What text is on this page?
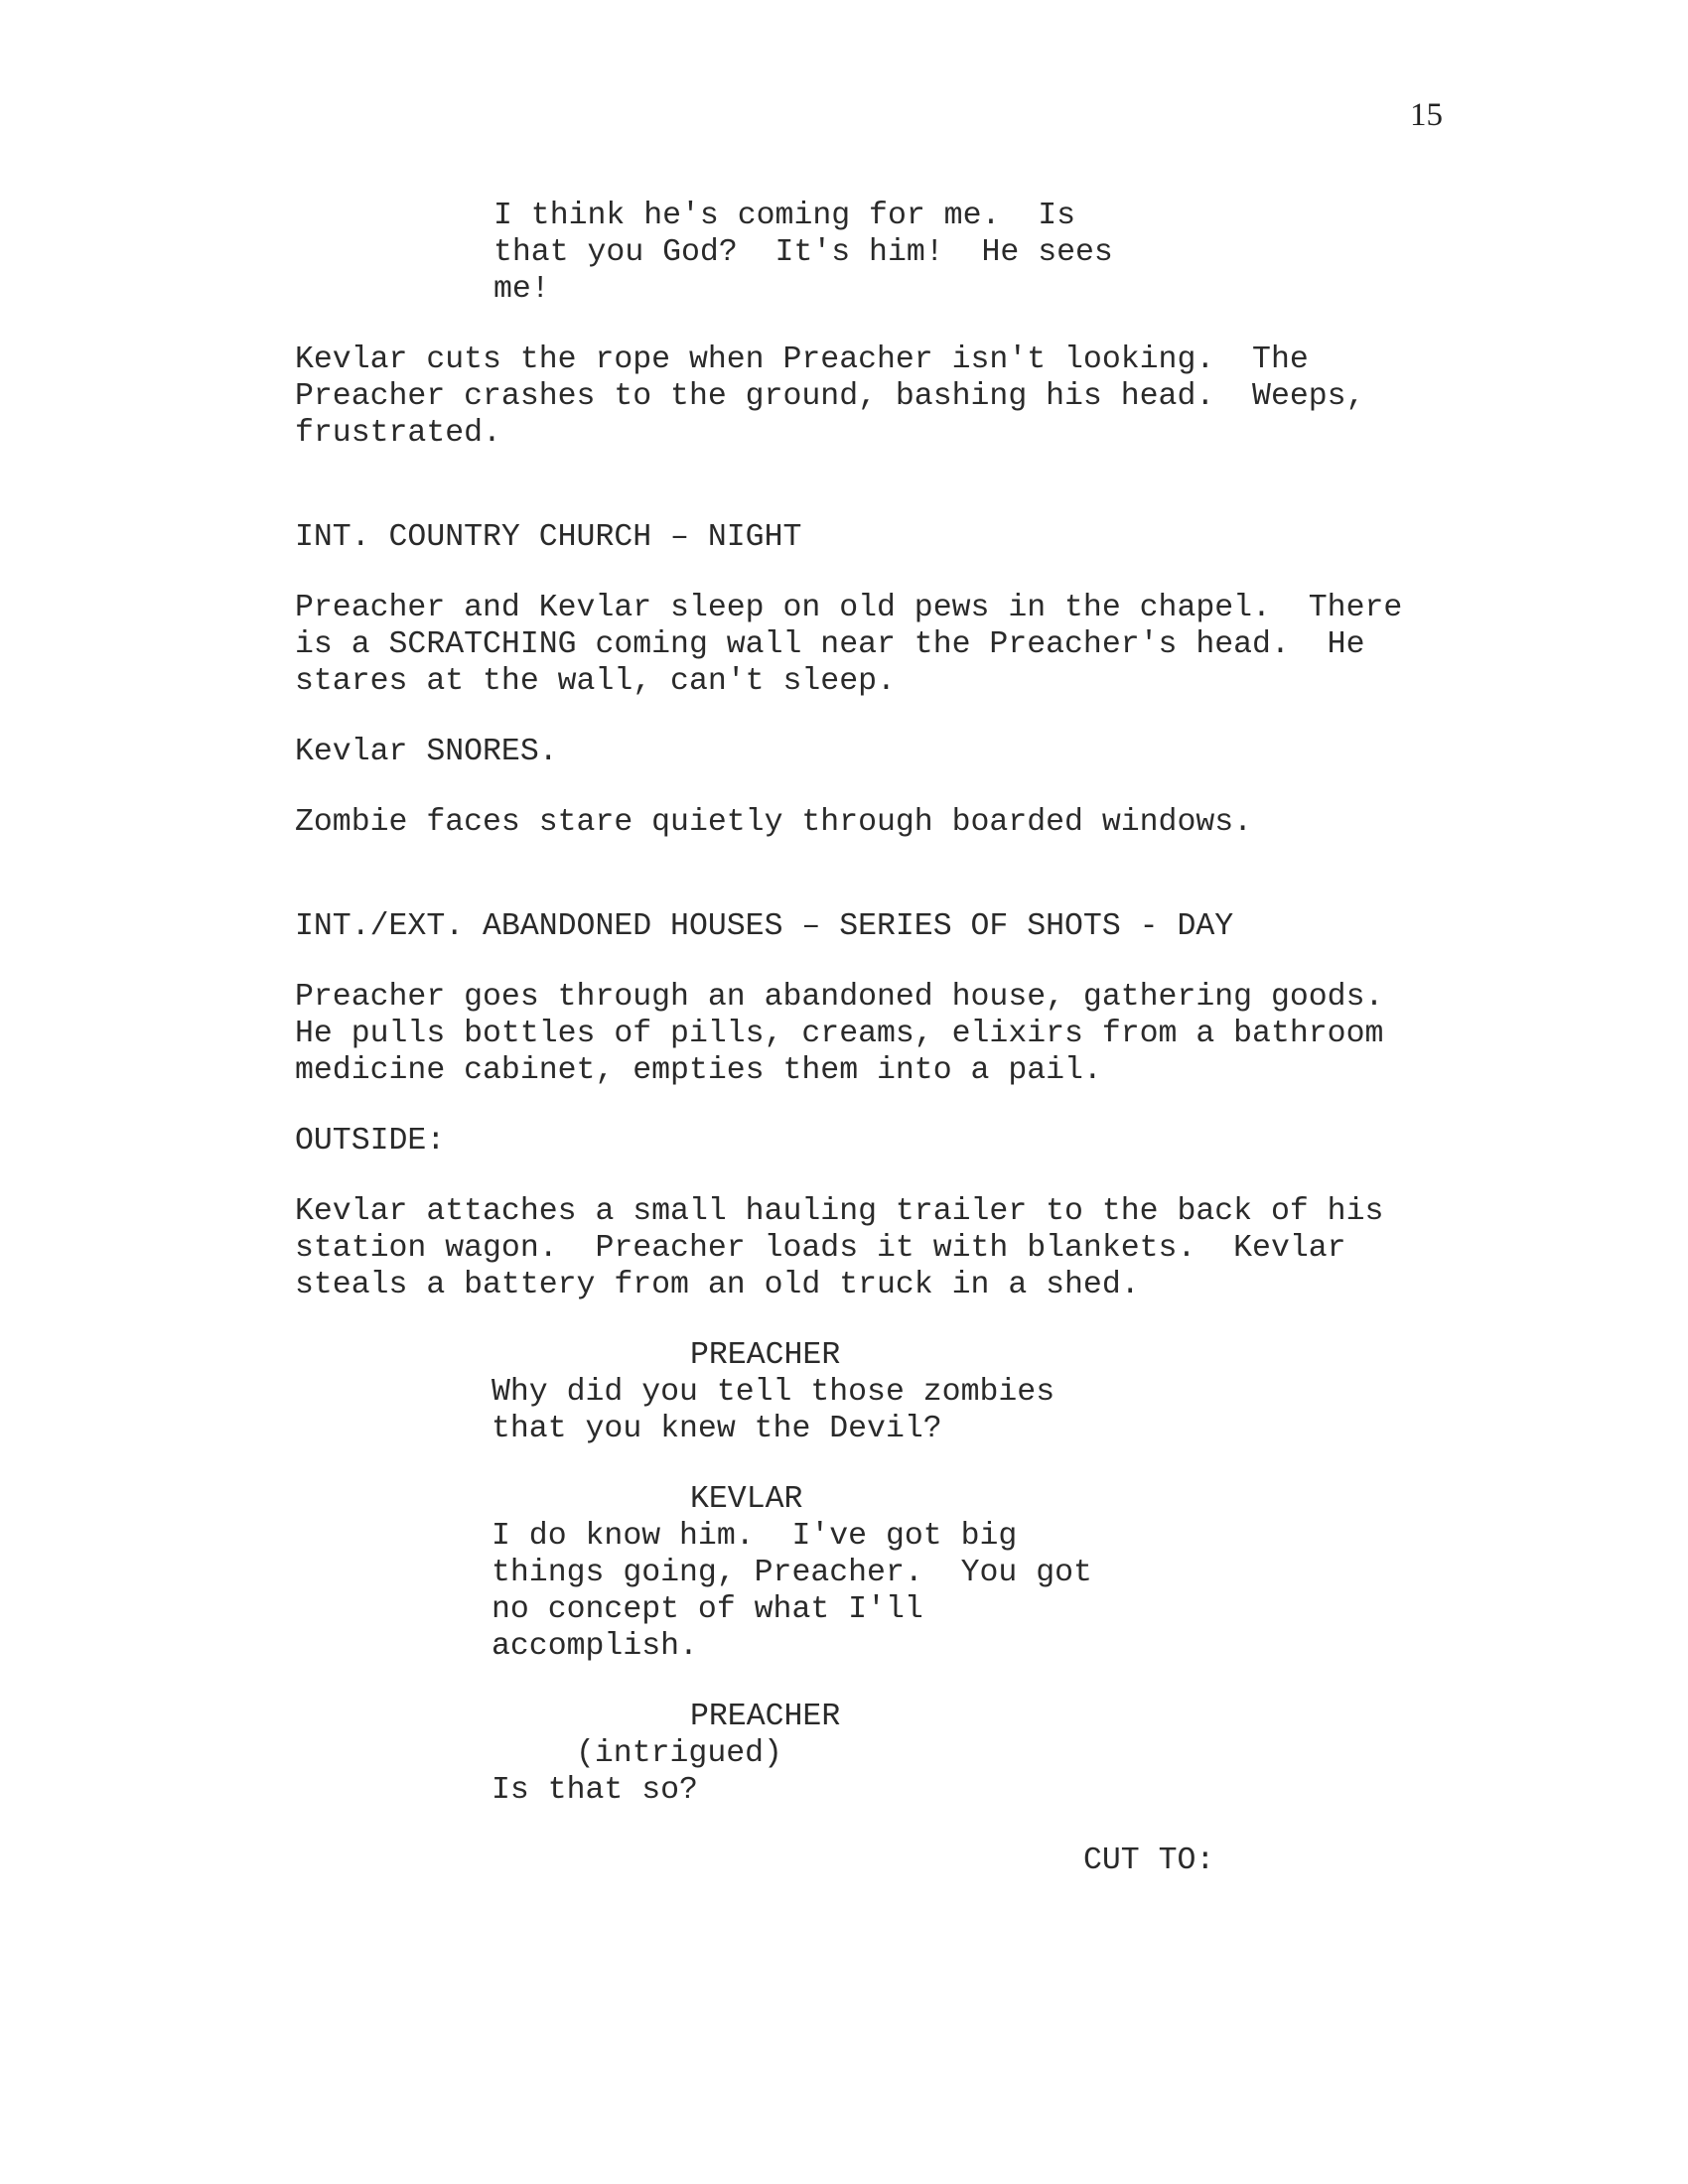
15

I think he's coming for me.  Is

that you God?  It's him!  He sees

me!

Kevlar cuts the rope when Preacher isn't looking.  The

Preacher crashes to the ground, bashing his head.  Weeps,

frustrated.

INT. COUNTRY CHURCH – NIGHT

Preacher and Kevlar sleep on old pews in the chapel.  There

is a SCRATCHING coming wall near the Preacher's head.  He

stares at the wall, can't sleep.

Kevlar SNORES.

Zombie faces stare quietly through boarded windows.

INT./EXT. ABANDONED HOUSES – SERIES OF SHOTS - DAY

Preacher goes through an abandoned house, gathering goods.

He pulls bottles of pills, creams, elixirs from a bathroom

medicine cabinet, empties them into a pail.

OUTSIDE:

Kevlar attaches a small hauling trailer to the back of his

station wagon.  Preacher loads it with blankets.  Kevlar

steals a battery from an old truck in a shed.

PREACHER

Why did you tell those zombies

that you knew the Devil?

KEVLAR

I do know him.  I've got big

things going, Preacher.  You got

no concept of what I'll

accomplish.

PREACHER

(intrigued)

Is that so?

CUT TO:
